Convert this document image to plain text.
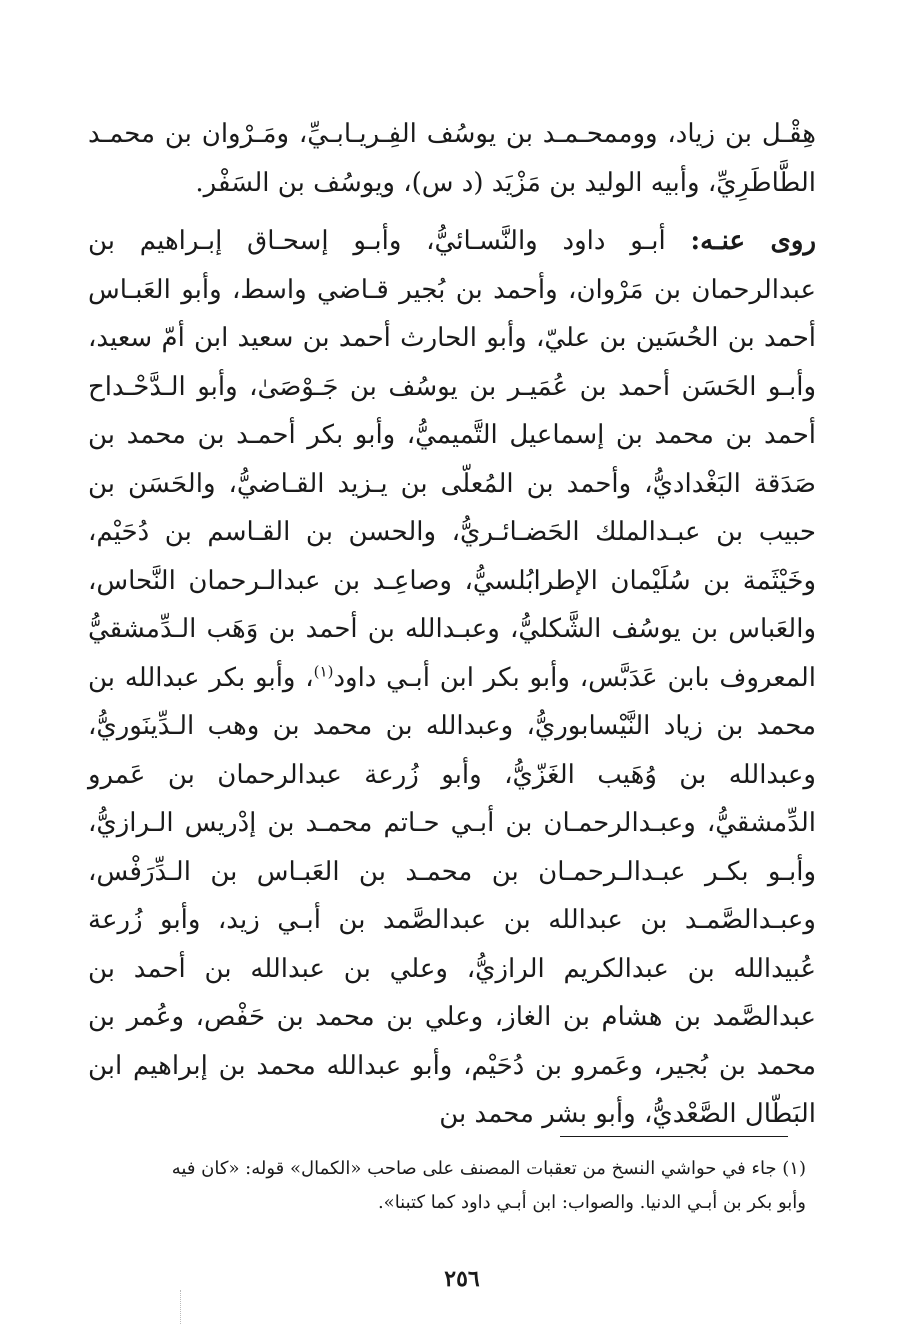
هِقْـل بن زياد، ووممحـمـد بن يوسُف الفِـريـابـيِّ، ومَـرْوان بن محمـد الطَّاطَرِيِّ، وأبيه الوليد بن مَزْيَد (د س)، ويوسُف بن السَفْر.

روى عنـه: أبـو داود والنَّسـائيُّ، وأبـو إسحـاق إبـراهيم بن عبدالرحمان بن مَرْوان، وأحمد بن بُجير قـاضي واسط، وأبو العَبـاس أحمد بن الحُسَين بن عليّ، وأبو الحارث أحمد بن سعيد ابن أمّ سعيد، وأبـو الحَسَن أحمد بن عُمَيـر بن يوسُف بن جَـوْصَىٰ، وأبو الـدَّحْـداح أحمد بن محمد بن إسماعيل التَّميميُّ، وأبو بكر أحمـد بن محمد بن صَدَقة البَغْداديُّ، وأحمد بن المُعلّى بن يـزيد القـاضيُّ، والحَسَن بن حبيب بن عبـدالملك الحَضـائـريُّ، والحسن بن القـاسم بن دُحَيْم، وخَيْثَمة بن سُلَيْمان الإطرابُلسيُّ، وصاعِـد بن عبدالـرحمان النَّحاس، والعَباس بن يوسُف الشَّكليُّ، وعبـدالله بن أحمد بن وَهَب الـدِّمشقيُّ المعروف بابن عَدَبَّس، وأبو بكر ابن أبـي داود$^{(١)}$، وأبو بكر عبدالله بن محمد بن زياد النَّيْسابوريُّ، وعبدالله بن محمد بن وهب الـدِّينَوريُّ، وعبدالله بن وُهَيب الغَزّيُّ، وأبو زُرعة عبدالرحمان بن عَمرو الدِّمشقيُّ، وعبـدالرحمـان بن أبـي حـاتم محمـد بن إدْريس الـرازيُّ، وأبـو بكـر عبـدالـرحمـان بن محمـد بن العَبـاس بن الـدِّرَفْس، وعبـدالصَّمـد بن عبدالله بن عبدالصَّمد بن أبـي زيد، وأبو زُرعة عُبيدالله بن عبدالكريم الرازيُّ، وعلي بن عبدالله بن أحمد بن عبدالصَّمد بن هشام بن الغاز، وعلي بن محمد بن حَفْص، وعُمر بن محمد بن بُجير، وعَمرو بن دُحَيْم، وأبو عبدالله محمد بن إبراهيم ابن البَطّال الصَّعْديُّ، وأبو بشر محمد بن

(١) جاء في حواشي النسخ من تعقبات المصنف على صاحب «الكمال» قوله: «كان فيه

وأبو بكر بن أبـي الدنيا. والصواب: ابن أبـي داود كما كتبنا».

٢٥٦
